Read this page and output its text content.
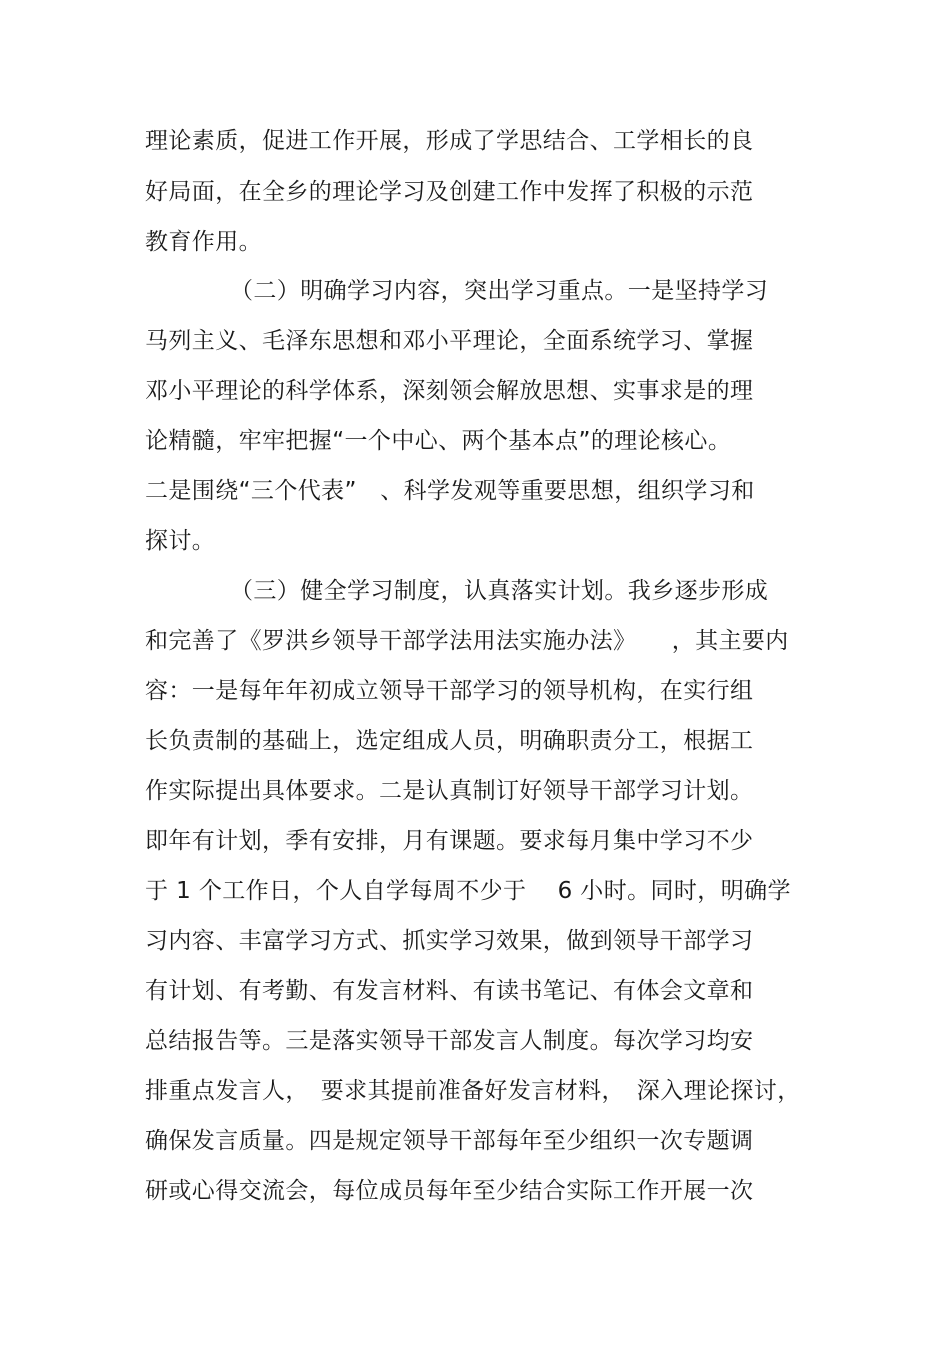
理论素质，促进工作开展，形成了学思结合、工学相长的良

好局面，在全乡的理论学习及创建工作中发挥了积极的示范

教育作用。

（二）明确学习内容，突出学习重点。一是坚持学习

马列主义、毛泽东思想和邓小平理论，全面系统学习、掌握

邓小平理论的科学体系，深刻领会解放思想、实事求是的理

论精髓，牢牢把握“一个中心、两个基本点”的理论核心。

二是围绕“三个代表”　、科学发观等重要思想，组织学习和

探讨。

（三）健全学习制度，认真落实计划。我乡逐步形成

和完善了《罗洪乡领导干部学法用法实施办法》　　，其主要内

容：一是每年年初成立领导干部学习的领导机构，在实行组

长负责制的基础上，选定组成人员，明确职责分工，根据工

作实际提出具体要求。二是认真制订好领导干部学习计划。

即年有计划，季有安排，月有课题。要求每月集中学习不少

于 1 个工作日，个人自学每周不少于　 6 小时。同时，明确学

习内容、丰富学习方式、抓实学习效果，做到领导干部学习

有计划、有考勤、有发言材料、有读书笔记、有体会文章和

总结报告等。三是落实领导干部发言人制度。每次学习均安

排重点发言人，　要求其提前准备好发言材料，　深入理论探讨，

确保发言质量。四是规定领导干部每年至少组织一次专题调

研或心得交流会，每位成员每年至少结合实际工作开展一次
